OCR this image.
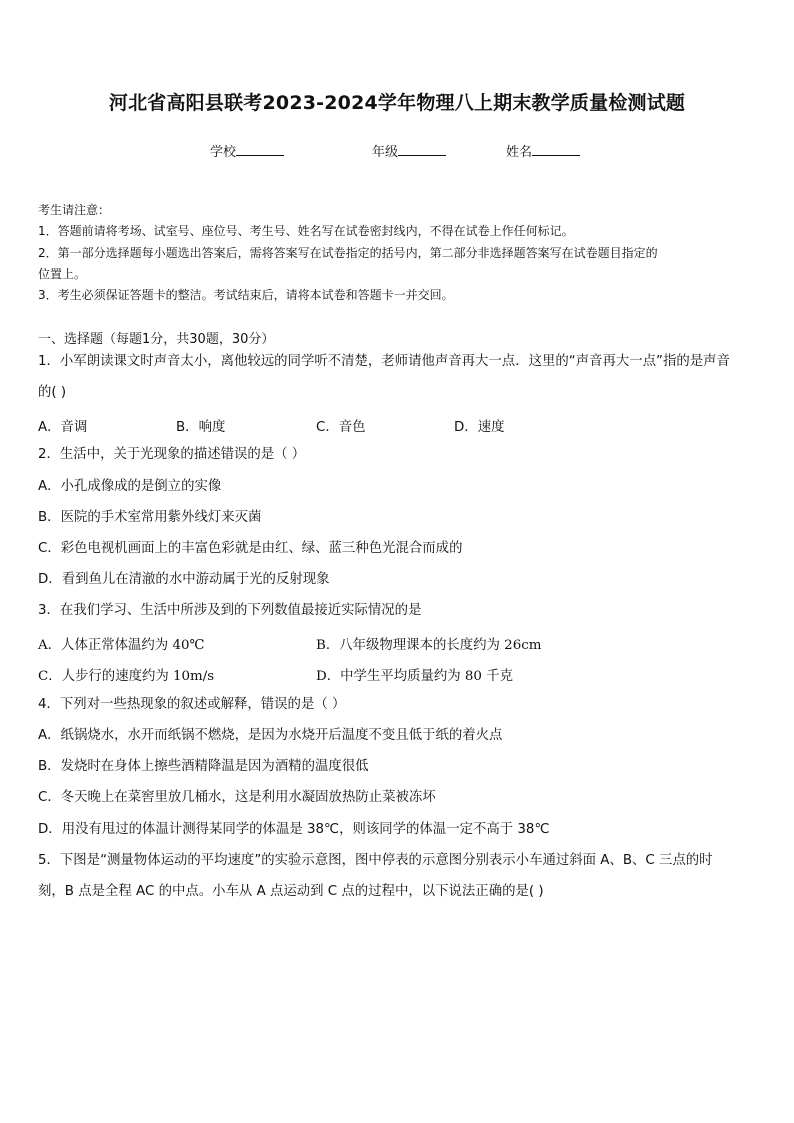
河北省高阳县联考2023-2024学年物理八上期末教学质量检测试题
学校	年级	姓名
考生请注意：
1．答题前请将考场、试室号、座位号、考生号、姓名写在试卷密封线内，不得在试卷上作任何标记。
2．第一部分选择题每小题选出答案后，需将答案写在试卷指定的括号内，第二部分非选择题答案写在试卷题目指定的
位置上。
3．考生必须保证答题卡的整洁。考试结束后，请将本试卷和答题卡一并交回。
一、选择题（每题1分，共30题，30分）
1．小军朗读课文时声音太小，离他较远的同学听不清楚，老师请他声音再大一点．这里的“声音再大一点”指的是声音
的( )
A．音调	B．响度	C．音色	D．速度
2．生活中，关于光现象的描述错误的是（ ）
A．小孔成像成的是倒立的实像
B．医院的手术室常用紫外线灯来灭菌
C．彩色电视机画面上的丰富色彩就是由红、绿、蓝三种色光混合而成的
D．看到鱼儿在清澈的水中游动属于光的反射现象
3．在我们学习、生活中所涉及到的下列数值最接近实际情况的是
A．人体正常体温约为 40℃	B．八年级物理课本的长度约为 26cm
C．人步行的速度约为 10m/s	D．中学生平均质量约为 80 千克
4．下列对一些热现象的叙述或解释，错误的是（ ）
A．纸锅烧水，水开而纸锅不燃烧，是因为水烧开后温度不变且低于纸的着火点
B．发烧时在身体上擦些酒精降温是因为酒精的温度很低
C．冬天晚上在菜窖里放几桶水，这是利用水凝固放热防止菜被冻坏
D．用没有甩过的体温计测得某同学的体温是 38℃，则该同学的体温一定不高于 38℃
5．下图是“测量物体运动的平均速度”的实验示意图，图中停表的示意图分别表示小车通过斜面 A、B、C 三点的时
刻，B 点是全程 AC 的中点。小车从 A 点运动到 C 点的过程中，以下说法正确的是( )
